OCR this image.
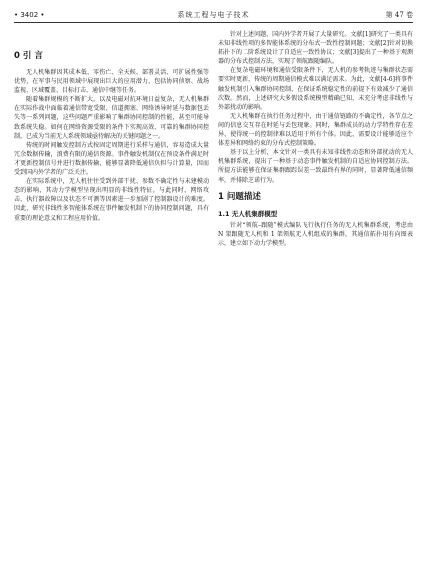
• 3402 •	系统工程与电子技术	第 47 卷
0 引 言

无人机集群因其成本低、零伤亡、全天候、部署灵活、可扩展性强等优势，在军事与民用领域中展现出巨大的应用潜力，包括协同侦察、战场监视、区域覆盖、目标打击、通信中继等任务。

随着集群规模的不断扩大，以及电磁对抗环境日益复杂，无人机集群在实际作战中面临着通信带宽受限、信道拥塞、网络诱导时延与数据包丢失等一系列问题，这些问题严重影响了集群协同控制的性能，甚至可能导致系统失稳。如何在网络资源受限的条件下实现高效、可靠的集群协同控制，已成为当前无人系统领域亟待解决的关键问题之一。

传统的时间触发控制方式按固定周期进行采样与通信，容易造成大量冗余数据传输，浪费有限的通信资源。事件触发机制仅在预设条件满足时才更新控制信号并进行数据传输，能够显著降低通信负担与计算量，因而受到国内外学者的广泛关注。

在实际系统中，无人机往往受到外部干扰、参数不确定性与未建模动态的影响，其动力学模型呈现出明显的非线性特征。与此同时，网络攻击、执行器故障以及状态不可测等因素进一步加剧了控制器设计的难度。因此，研究非线性多智能体系统在事件触发机制下的协同控制问题，具有重要的理论意义和工程应用价值。

针对上述问题，国内外学者开展了大量研究。文献[1]研究了一类具有未知非线性项的多智能体系统的分布式一致性控制问题；文献[2]针对切换拓扑下的二阶系统设计了自适应一致性协议；文献[3]提出了一种基于观测器的分布式控制方法，实现了领航跟随编队。

在复杂电磁环境和通信受限条件下，无人机的参考轨迹与集群状态需要实时更新，传统的周期通信模式难以满足需求。为此，文献[4-6]将事件触发机制引入集群协同控制，在保证系统稳定性的前提下有效减少了通信次数。然而，上述研究大多假设系统模型精确已知，未充分考虑非线性与外部扰动的影响。

无人机集群在执行任务过程中，由于通信链路的不确定性，各节点之间的信息交互存在时延与丢包现象。同时，集群成员的动力学特性存在差异，使得统一的控制律难以适用于所有个体。因此，需要设计能够适应个体差异和网络约束的分布式控制策略。

基于以上分析，本文针对一类具有未知非线性动态和外部扰动的无人机集群系统，提出了一种基于动态事件触发机制的自适应协同控制方法。所提方法能够在保证集群跟踪误差一致最终有界的同时，显著降低通信频率，并排除芝诺行为。

1 问题描述
1.1 无人机集群模型

针对“领航–跟随”模式编队飞行执行任务的无人机集群系统，考虑由 N 架跟随无人机和 1 架领航无人机组成的集群，其通信拓扑用有向图表示，建立如下动力学模型。
